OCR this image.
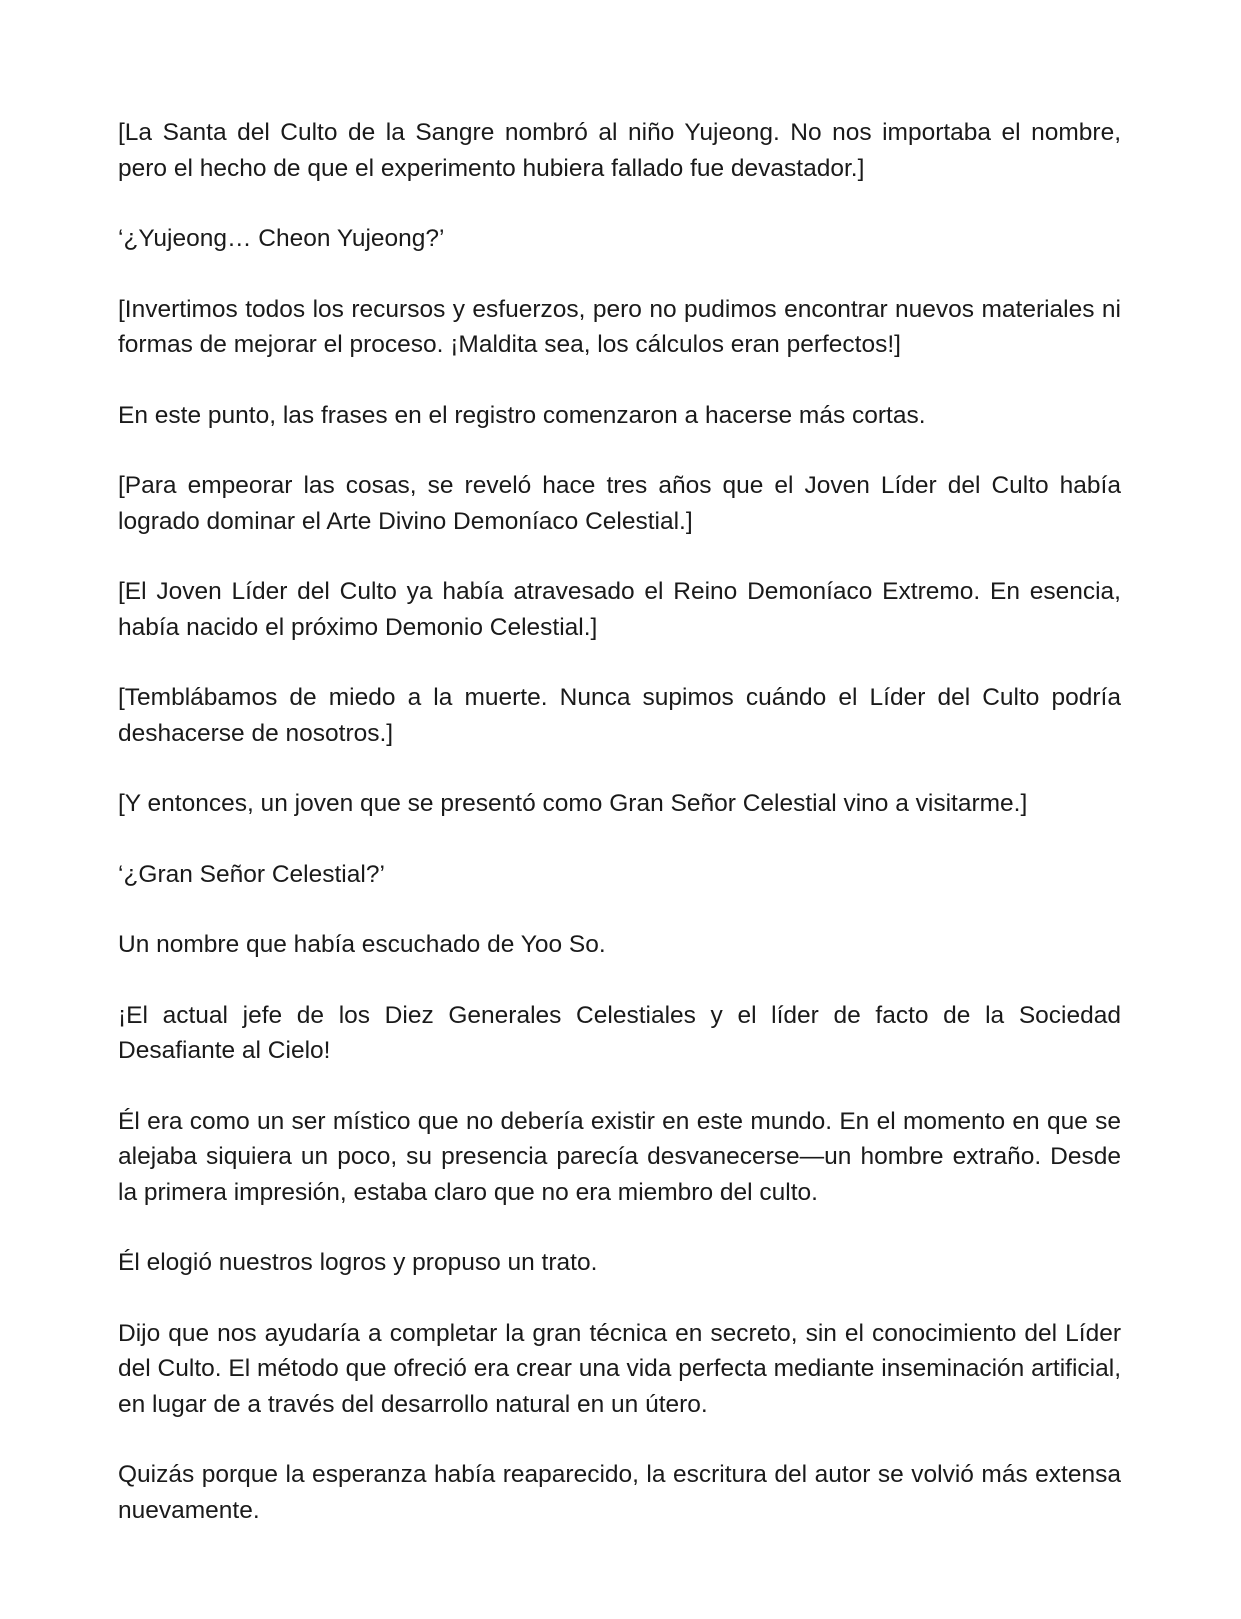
[La Santa del Culto de la Sangre nombró al niño Yujeong. No nos importaba el nombre, pero el hecho de que el experimento hubiera fallado fue devastador.]

‘¿Yujeong… Cheon Yujeong?’

[Invertimos todos los recursos y esfuerzos, pero no pudimos encontrar nuevos materiales ni formas de mejorar el proceso. ¡Maldita sea, los cálculos eran perfectos!]

En este punto, las frases en el registro comenzaron a hacerse más cortas.

[Para empeorar las cosas, se reveló hace tres años que el Joven Líder del Culto había logrado dominar el Arte Divino Demoníaco Celestial.]

[El Joven Líder del Culto ya había atravesado el Reino Demoníaco Extremo. En esencia, había nacido el próximo Demonio Celestial.]

[Temblábamos de miedo a la muerte. Nunca supimos cuándo el Líder del Culto podría deshacerse de nosotros.]

[Y entonces, un joven que se presentó como Gran Señor Celestial vino a visitarme.]

‘¿Gran Señor Celestial?’

Un nombre que había escuchado de Yoo So.

¡El actual jefe de los Diez Generales Celestiales y el líder de facto de la Sociedad Desafiante al Cielo!

Él era como un ser místico que no debería existir en este mundo. En el momento en que se alejaba siquiera un poco, su presencia parecía desvanecerse—un hombre extraño. Desde la primera impresión, estaba claro que no era miembro del culto.

Él elogió nuestros logros y propuso un trato.

Dijo que nos ayudaría a completar la gran técnica en secreto, sin el conocimiento del Líder del Culto. El método que ofreció era crear una vida perfecta mediante inseminación artificial, en lugar de a través del desarrollo natural en un útero.

Quizás porque la esperanza había reaparecido, la escritura del autor se volvió más extensa nuevamente.
